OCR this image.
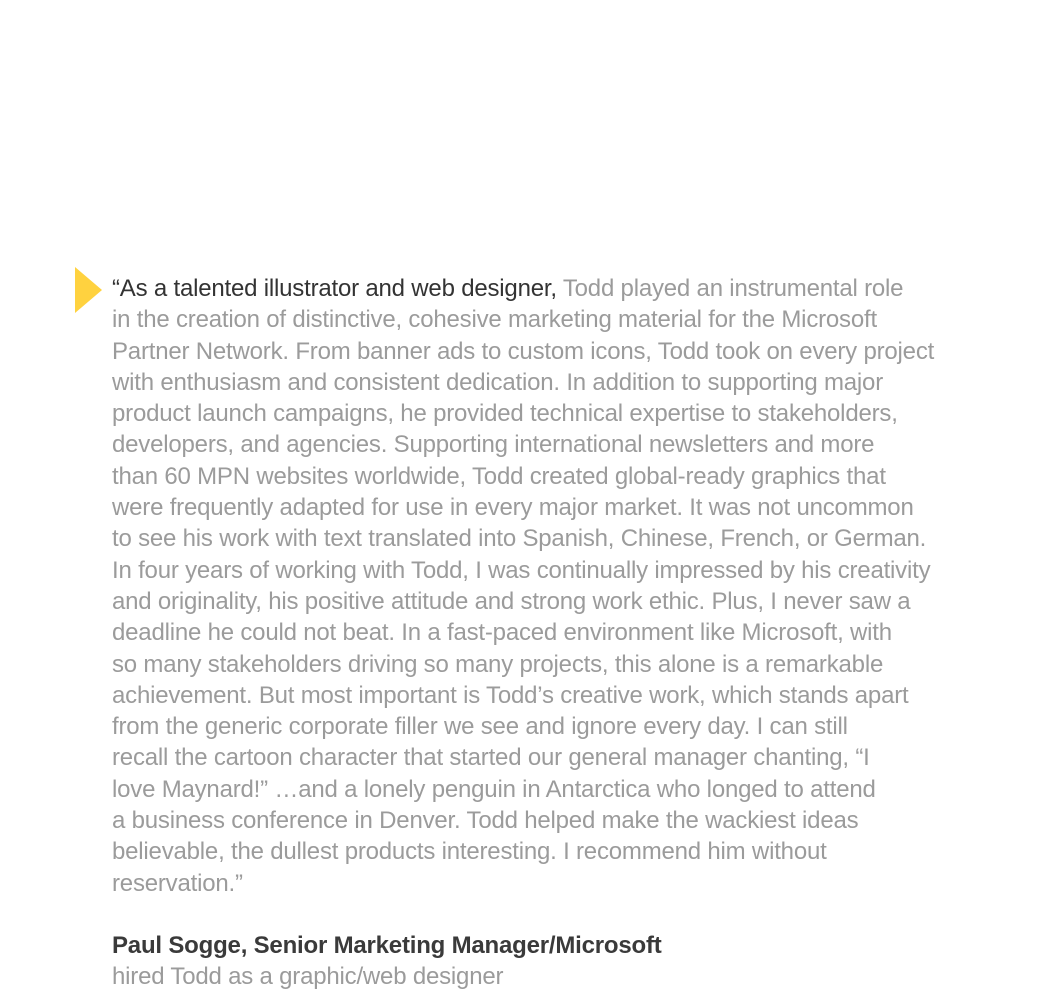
“As a talented illustrator and web designer, Todd played an instrumental role
in the creation of distinctive, cohesive marketing material for the Microsoft
Partner Network. From banner ads to custom icons, Todd took on every project
with enthusiasm and consistent dedication. In addition to supporting major
product launch campaigns, he provided technical expertise to stakeholders,
developers, and agencies. Supporting international newsletters and more
than 60 MPN websites worldwide, Todd created global-ready graphics that
were frequently adapted for use in every major market. It was not uncommon
to see his work with text translated into Spanish, Chinese, French, or German.
In four years of working with Todd, I was continually impressed by his creativity
and originality, his positive attitude and strong work ethic. Plus, I never saw a
deadline he could not beat. In a fast-paced environment like Microsoft, with
so many stakeholders driving so many projects, this alone is a remarkable
achievement. But most important is Todd’s creative work, which stands apart
from the generic corporate filler we see and ignore every day. I can still
recall the cartoon character that started our general manager chanting, “I
love Maynard!” …and a lonely penguin in Antarctica who longed to attend
a business conference in Denver. Todd helped make the wackiest ideas
believable, the dullest products interesting. I recommend him without
reservation.”

Paul Sogge, Senior Marketing Manager/Microsoft
hired Todd as a graphic/web designer
